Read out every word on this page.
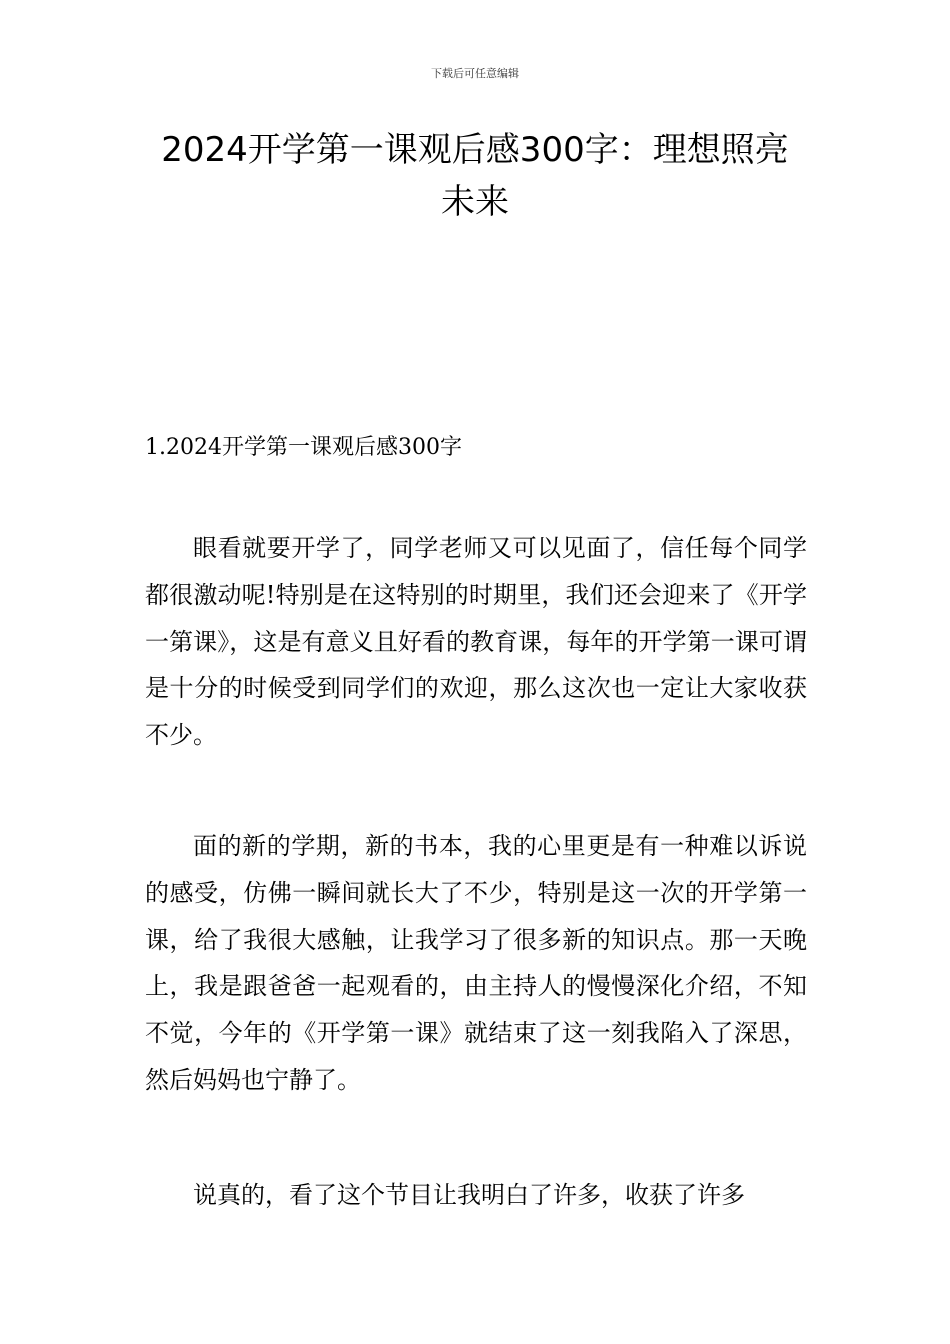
下载后可任意编辑
2024开学第一课观后感300字：理想照亮未来
1.2024开学第一课观后感300字

眼看就要开学了，同学老师又可以见面了，信任每个同学都很激动呢!特别是在这特别的时期里，我们还会迎来了《开学一第课》，这是有意义且好看的教育课，每年的开学第一课可谓是十分的时候受到同学们的欢迎，那么这次也一定让大家收获不少。

面的新的学期，新的书本，我的心里更是有一种难以诉说的感受，仿佛一瞬间就长大了不少，特别是这一次的开学第一课，给了我很大感触，让我学习了很多新的知识点。那一天晚上，我是跟爸爸一起观看的，由主持人的慢慢深化介绍，不知不觉，今年的《开学第一课》就结束了这一刻我陷入了深思，然后妈妈也宁静了。

说真的，看了这个节目让我明白了许多，收获了许多
